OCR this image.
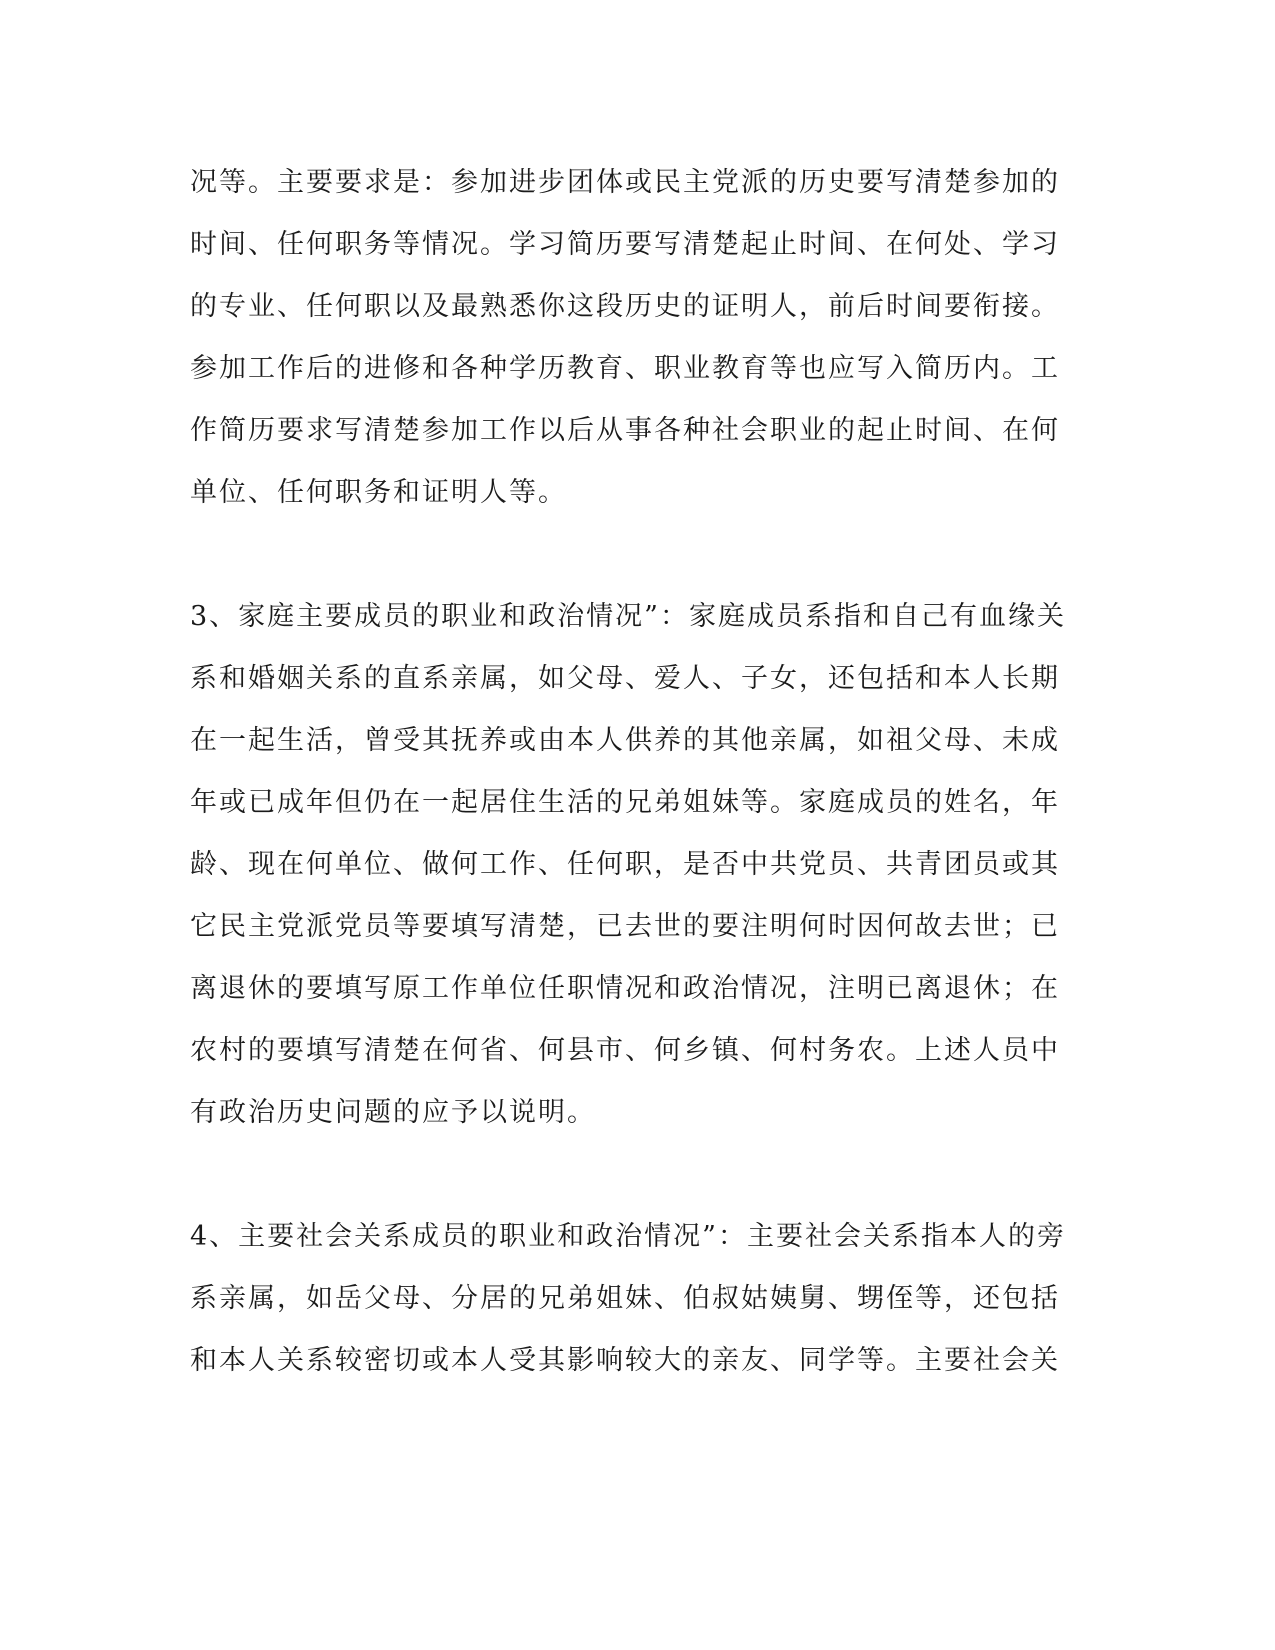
况等。主要要求是：参加进步团体或民主党派的历史要写清楚参加的

时间、任何职务等情况。学习简历要写清楚起止时间、在何处、学习

的专业、任何职以及最熟悉你这段历史的证明人，前后时间要衔接。

参加工作后的进修和各种学历教育、职业教育等也应写入简历内。工

作简历要求写清楚参加工作以后从事各种社会职业的起止时间、在何

单位、任何职务和证明人等。

3、家庭主要成员的职业和政治情况”：家庭成员系指和自己有血缘关

系和婚姻关系的直系亲属，如父母、爱人、子女，还包括和本人长期

在一起生活，曾受其抚养或由本人供养的其他亲属，如祖父母、未成

年或已成年但仍在一起居住生活的兄弟姐妹等。家庭成员的姓名，年

龄、现在何单位、做何工作、任何职，是否中共党员、共青团员或其

它民主党派党员等要填写清楚，已去世的要注明何时因何故去世；已

离退休的要填写原工作单位任职情况和政治情况，注明已离退休；在

农村的要填写清楚在何省、何县市、何乡镇、何村务农。上述人员中

有政治历史问题的应予以说明。

4、主要社会关系成员的职业和政治情况”：主要社会关系指本人的旁

系亲属，如岳父母、分居的兄弟姐妹、伯叔姑姨舅、甥侄等，还包括

和本人关系较密切或本人受其影响较大的亲友、同学等。主要社会关
